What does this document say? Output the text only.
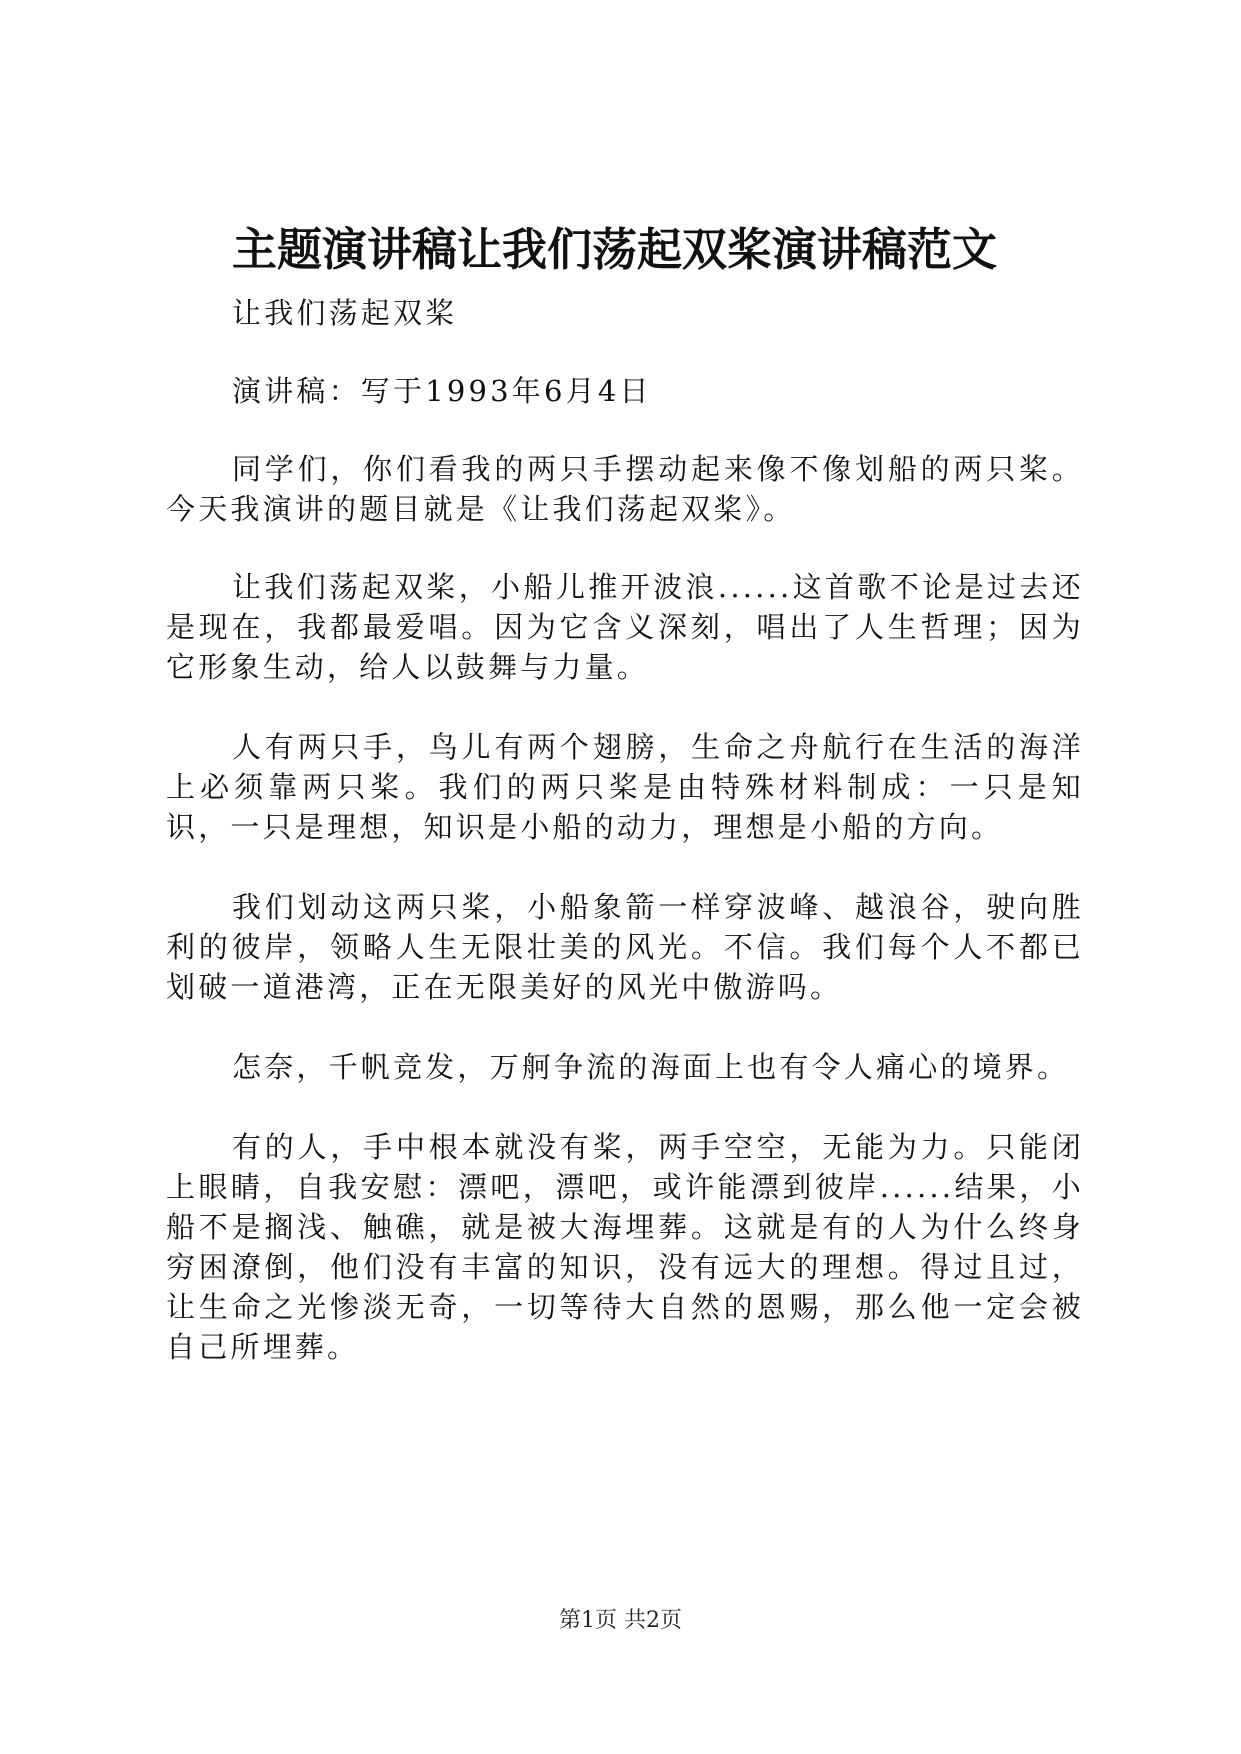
主题演讲稿让我们荡起双桨演讲稿范文

让我们荡起双桨

演讲稿：写于1993年6月4日

同学们，你们看我的两只手摆动起来像不像划船的两只桨。今天我演讲的题目就是《让我们荡起双桨》。

让我们荡起双桨，小船儿推开波浪......这首歌不论是过去还是现在，我都最爱唱。因为它含义深刻，唱出了人生哲理；因为它形象生动，给人以鼓舞与力量。

人有两只手，鸟儿有两个翅膀，生命之舟航行在生活的海洋上必须靠两只桨。我们的两只桨是由特殊材料制成：一只是知识，一只是理想，知识是小船的动力，理想是小船的方向。

我们划动这两只桨，小船象箭一样穿波峰、越浪谷，驶向胜利的彼岸，领略人生无限壮美的风光。不信。我们每个人不都已划破一道港湾，正在无限美好的风光中傲游吗。

怎奈，千帆竞发，万舸争流的海面上也有令人痛心的境界。

有的人，手中根本就没有桨，两手空空，无能为力。只能闭上眼睛，自我安慰：漂吧，漂吧，或许能漂到彼岸......结果，小船不是搁浅、触礁，就是被大海埋葬。这就是有的人为什么终身穷困潦倒，他们没有丰富的知识，没有远大的理想。得过且过，让生命之光惨淡无奇，一切等待大自然的恩赐，那么他一定会被自己所埋葬。

第1页 共2页
